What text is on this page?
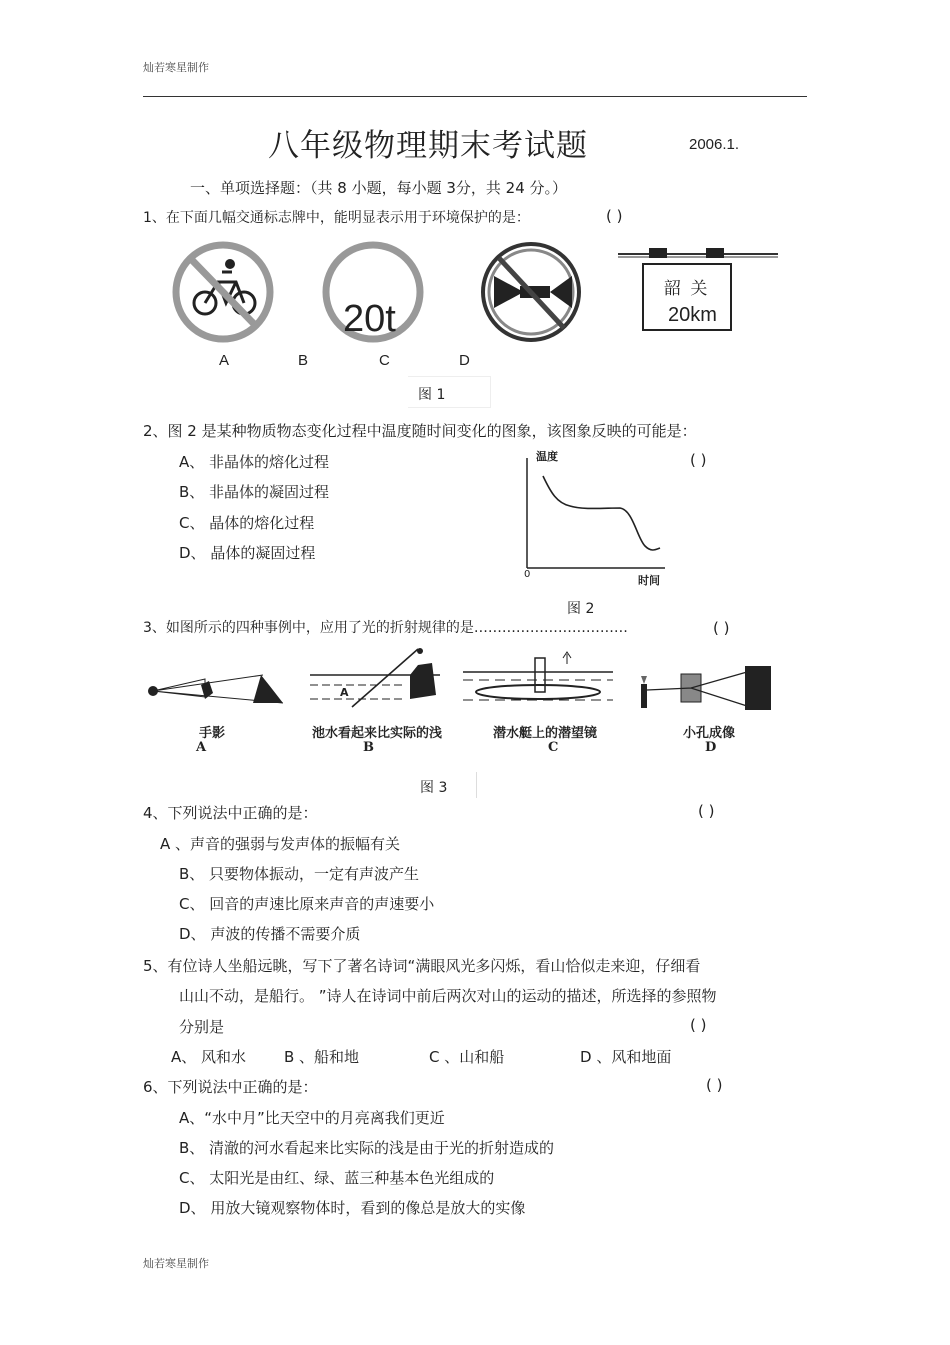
灿若寒星制作
八年级物理期末考试题	2006.1.
一、单项选择题：（共 8 小题，每小题 3分，共 24 分。）
1、在下面几幅交通标志牌中，能明显表示用于环境保护的是：	( )
20t
韶 关
20km
A	B	C	D
图 1
2、图 2 是某种物质物态变化过程中温度随时间变化的图象，该图象反映的可能是：
( )
A、 非晶体的熔化过程
B、 非晶体的凝固过程
C、 晶体的熔化过程
D、 晶体的凝固过程
温度
时间
0
图 2
3、如图所示的四种事例中，应用了光的折射规律的是……………………………	( )
A
手影
A
池水看起来比实际的浅
B
潜水艇上的潜望镜
C
小孔成像
D
图 3
4、下列说法中正确的是：	( )
A 、声音的强弱与发声体的振幅有关
B、 只要物体振动，一定有声波产生
C、 回音的声速比原来声音的声速要小
D、 声波的传播不需要介质
5、有位诗人坐船远眺，写下了著名诗词“满眼风光多闪烁，看山恰似走来迎，仔细看
山山不动，是船行。 ”诗人在诗词中前后两次对山的运动的描述，所选择的参照物
分别是	( )
A、 风和水	B 、船和地	C 、山和船	D 、风和地面
6、下列说法中正确的是：	( )
A、“水中月”比天空中的月亮离我们更近
B、 清澈的河水看起来比实际的浅是由于光的折射造成的
C、 太阳光是由红、绿、蓝三种基本色光组成的
D、 用放大镜观察物体时，看到的像总是放大的实像
灿若寒星制作
